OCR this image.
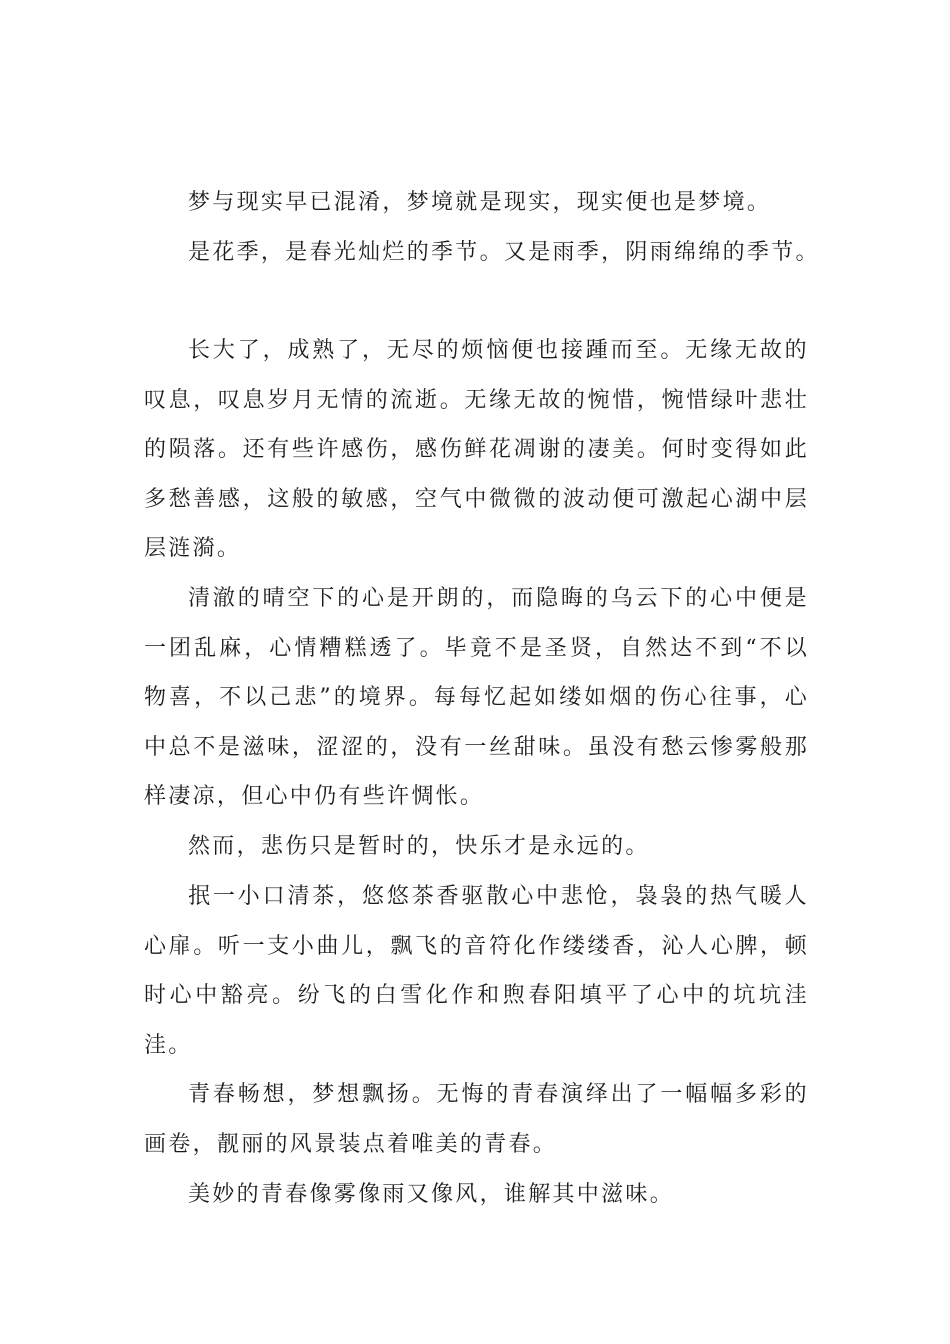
梦与现实早已混淆，梦境就是现实，现实便也是梦境。

是花季，是春光灿烂的季节。又是雨季，阴雨绵绵的季节。

长大了，成熟了，无尽的烦恼便也接踵而至。无缘无故的叹息，叹息岁月无情的流逝。无缘无故的惋惜，惋惜绿叶悲壮的陨落。还有些许感伤，感伤鲜花凋谢的凄美。何时变得如此多愁善感，这般的敏感，空气中微微的波动便可激起心湖中层层涟漪。

清澈的晴空下的心是开朗的，而隐晦的乌云下的心中便是一团乱麻，心情糟糕透了。毕竟不是圣贤，自然达不到“不以物喜，不以己悲”的境界。每每忆起如缕如烟的伤心往事，心中总不是滋味，涩涩的，没有一丝甜味。虽没有愁云惨雾般那样凄凉，但心中仍有些许惆怅。

然而，悲伤只是暂时的，快乐才是永远的。

抿一小口清茶，悠悠茶香驱散心中悲怆，袅袅的热气暖人心扉。听一支小曲儿，飘飞的音符化作缕缕香，沁人心脾，顿时心中豁亮。纷飞的白雪化作和煦春阳填平了心中的坑坑洼洼。

青春畅想，梦想飘扬。无悔的青春演绎出了一幅幅多彩的画卷，靓丽的风景装点着唯美的青春。

美妙的青春像雾像雨又像风，谁解其中滋味。
